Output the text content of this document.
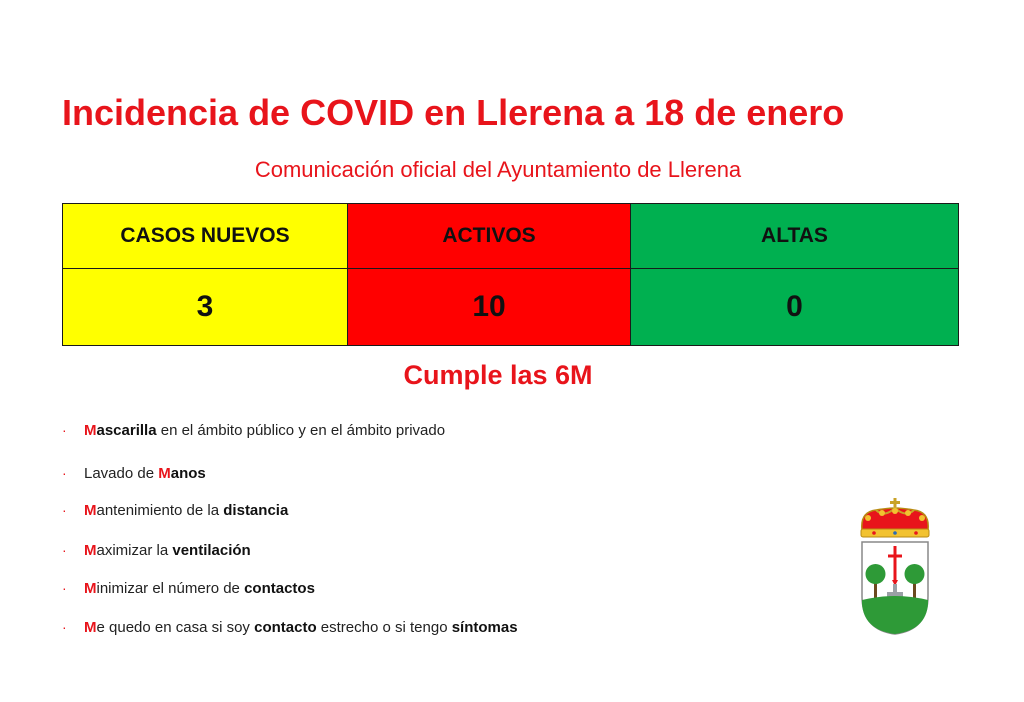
Incidencia de COVID en Llerena a 18 de enero
Comunicación oficial del Ayuntamiento de Llerena
CASOS NUEVOS	ACTIVOS	ALTAS
3	10	0
Cumple las 6M
· Mascarilla en el ámbito público y en el ámbito privado
· Lavado de Manos
· Mantenimiento de la distancia
· Maximizar la ventilación
· Minimizar el número de contactos
· Me quedo en casa si soy contacto estrecho o si tengo síntomas
